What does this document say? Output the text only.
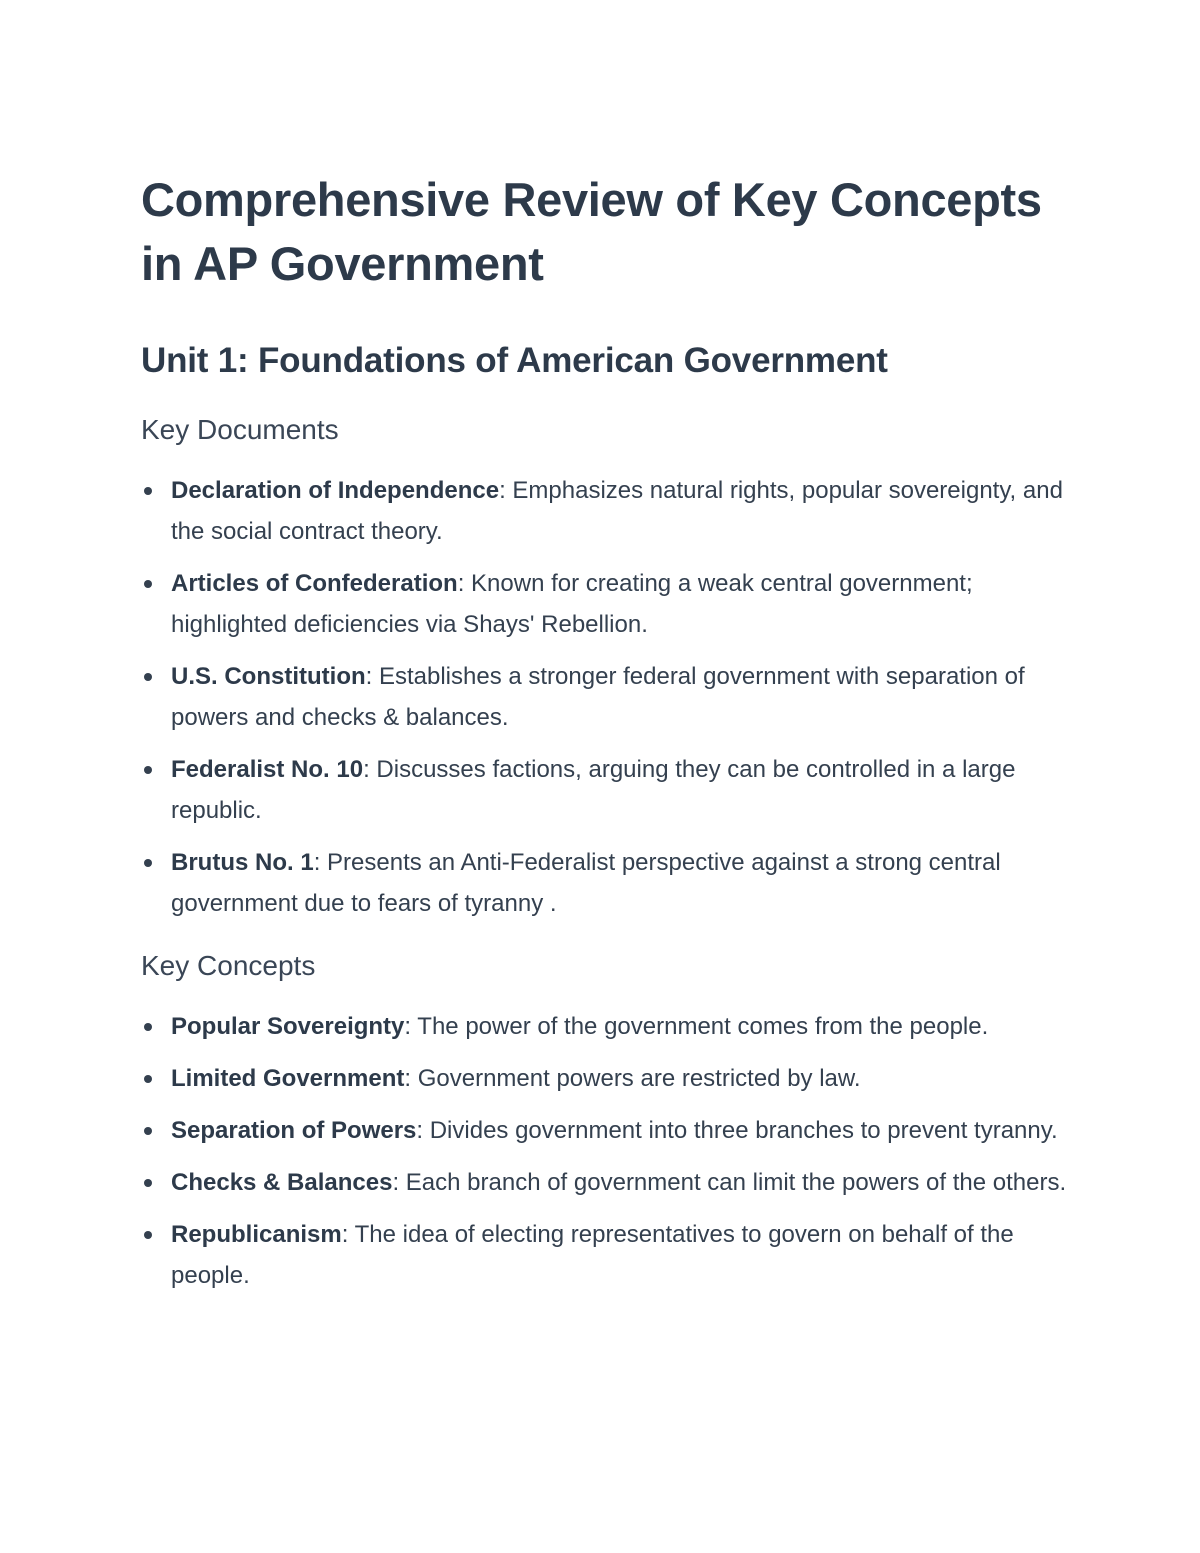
Comprehensive Review of Key Concepts in AP Government
Unit 1: Foundations of American Government
Key Documents
Declaration of Independence: Emphasizes natural rights, popular sovereignty, and the social contract theory.
Articles of Confederation: Known for creating a weak central government; highlighted deficiencies via Shays' Rebellion.
U.S. Constitution: Establishes a stronger federal government with separation of powers and checks & balances.
Federalist No. 10: Discusses factions, arguing they can be controlled in a large republic.
Brutus No. 1: Presents an Anti-Federalist perspective against a strong central government due to fears of tyranny .
Key Concepts
Popular Sovereignty: The power of the government comes from the people.
Limited Government: Government powers are restricted by law.
Separation of Powers: Divides government into three branches to prevent tyranny.
Checks & Balances: Each branch of government can limit the powers of the others.
Republicanism: The idea of electing representatives to govern on behalf of the people.
